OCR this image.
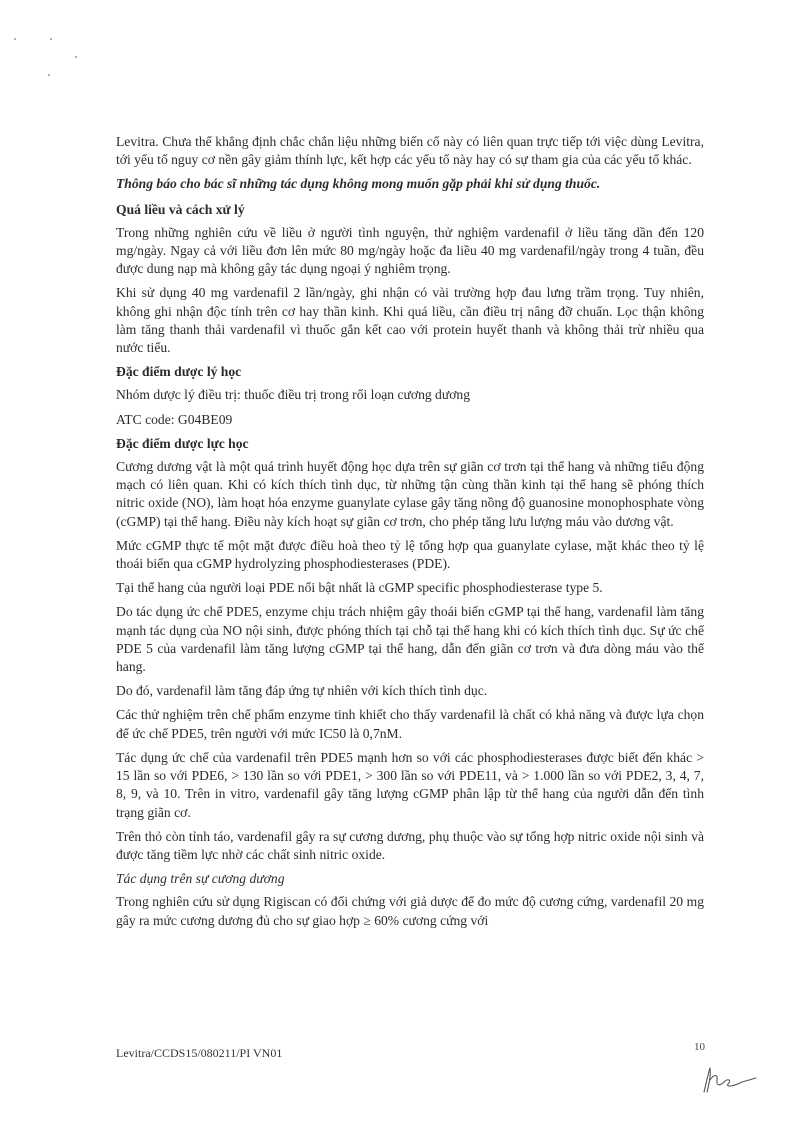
Levitra. Chưa thể khẳng định chắc chắn liệu những biến cố này có liên quan trực tiếp tới việc dùng Levitra, tới yếu tố nguy cơ nền gây giảm thính lực, kết hợp các yếu tố này hay có sự tham gia của các yếu tố khác.

Thông báo cho bác sĩ những tác dụng không mong muốn gặp phải khi sử dụng thuốc.

Quá liều và cách xử lý

Trong những nghiên cứu về liều ở người tình nguyện, thử nghiệm vardenafil ở liều tăng dần đến 120 mg/ngày. Ngay cả với liều đơn lên mức 80 mg/ngày hoặc đa liều 40 mg vardenafil/ngày trong 4 tuần, đều được dung nạp mà không gây tác dụng ngoại ý nghiêm trọng.

Khi sử dụng 40 mg vardenafil 2 lần/ngày, ghi nhận có vài trường hợp đau lưng trầm trọng. Tuy nhiên, không ghi nhận độc tính trên cơ hay thần kinh. Khi quá liều, cần điều trị nâng đỡ chuẩn. Lọc thận không làm tăng thanh thải vardenafil vì thuốc gắn kết cao với protein huyết thanh và không thải trừ nhiều qua nước tiểu.

Đặc điểm dược lý học

Nhóm dược lý điều trị: thuốc điều trị trong rối loạn cương dương

ATC code: G04BE09

Đặc điểm dược lực học

Cương dương vật là một quá trình huyết động học dựa trên sự giãn cơ trơn tại thể hang và những tiểu động mạch có liên quan. Khi có kích thích tình dục, từ những tận cùng thần kinh tại thể hang sẽ phóng thích nitric oxide (NO), làm hoạt hóa enzyme guanylate cylase gây tăng nồng độ guanosine monophosphate vòng (cGMP) tại thể hang. Điều này kích hoạt sự giãn cơ trơn, cho phép tăng lưu lượng máu vào dương vật.

Mức cGMP thực tế một mặt được điều hoà theo tỷ lệ tổng hợp qua guanylate cylase, mặt khác theo tỷ lệ thoái biến qua cGMP hydrolyzing phosphodiesterases (PDE).

Tại thể hang của người loại PDE nổi bật nhất là cGMP specific phosphodiesterase type 5.

Do tác dụng ức chế PDE5, enzyme chịu trách nhiệm gây thoái biến cGMP tại thể hang, vardenafil làm tăng mạnh tác dụng của NO nội sinh, được phóng thích tại chỗ tại thể hang khi có kích thích tình dục. Sự ức chế PDE 5 của vardenafil làm tăng lượng cGMP tại thể hang, dẫn đến giãn cơ trơn và đưa dòng máu vào thể hang.

Do đó, vardenafil làm tăng đáp ứng tự nhiên với kích thích tình dục.

Các thử nghiệm trên chế phẩm enzyme tinh khiết cho thấy vardenafil là chất có khả năng và được lựa chọn để ức chế PDE5, trên người với mức IC50 là 0,7nM.

Tác dụng ức chế của vardenafil trên PDE5 mạnh hơn so với các phosphodiesterases được biết đến khác > 15 lần so với PDE6, > 130 lần so với PDE1, > 300 lần so với PDE11, và > 1.000 lần so với PDE2, 3, 4, 7, 8, 9, và 10. Trên in vitro, vardenafil gây tăng lượng cGMP phân lập từ thể hang của người dẫn đến tình trạng giãn cơ.

Trên thỏ còn tỉnh táo, vardenafil gây ra sự cương dương, phụ thuộc vào sự tổng hợp nitric oxide nội sinh và được tăng tiềm lực nhờ các chất sinh nitric oxide.

Tác dụng trên sự cương dương

Trong nghiên cứu sử dụng Rigiscan có đối chứng với giả dược để đo mức độ cương cứng, vardenafil 20 mg gây ra mức cương dương đủ cho sự giao hợp ≥ 60% cương cứng với

Levitra/CCDS15/080211/PI VN01	10
